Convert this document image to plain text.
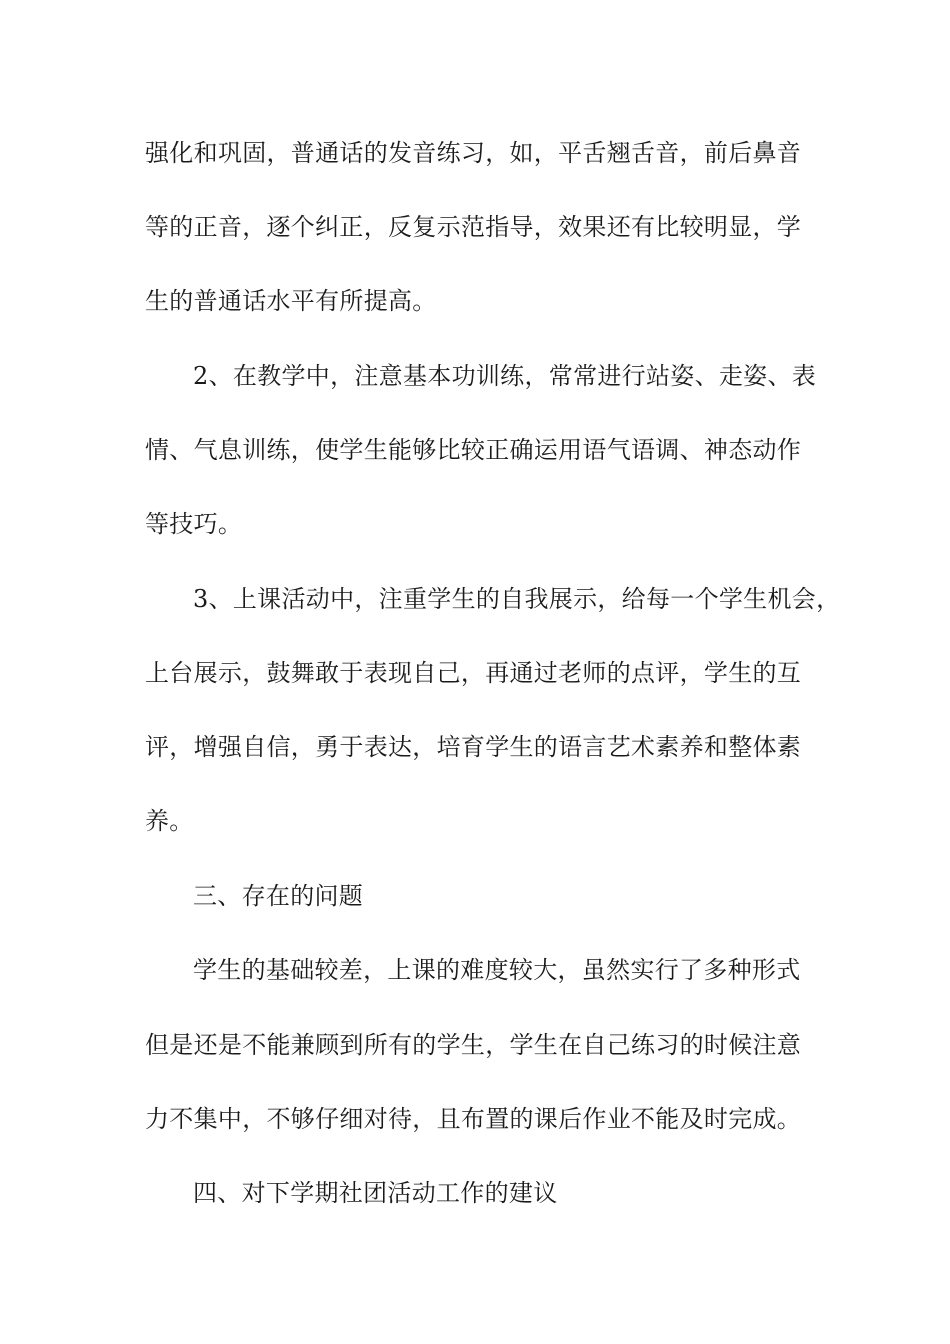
强化和巩固，普通话的发音练习，如，平舌翘舌音，前后鼻音
等的正音，逐个纠正，反复示范指导，效果还有比较明显，学
生的普通话水平有所提高。
2、在教学中，注意基本功训练，常常进行站姿、走姿、表
情、气息训练，使学生能够比较正确运用语气语调、神态动作
等技巧。
3、上课活动中，注重学生的自我展示，给每一个学生机会，
上台展示，鼓舞敢于表现自己，再通过老师的点评，学生的互
评，增强自信，勇于表达，培育学生的语言艺术素养和整体素
养。
三、存在的问题
学生的基础较差，上课的难度较大，虽然实行了多种形式
但是还是不能兼顾到所有的学生，学生在自己练习的时候注意
力不集中，不够仔细对待，且布置的课后作业不能及时完成。
四、对下学期社团活动工作的建议
